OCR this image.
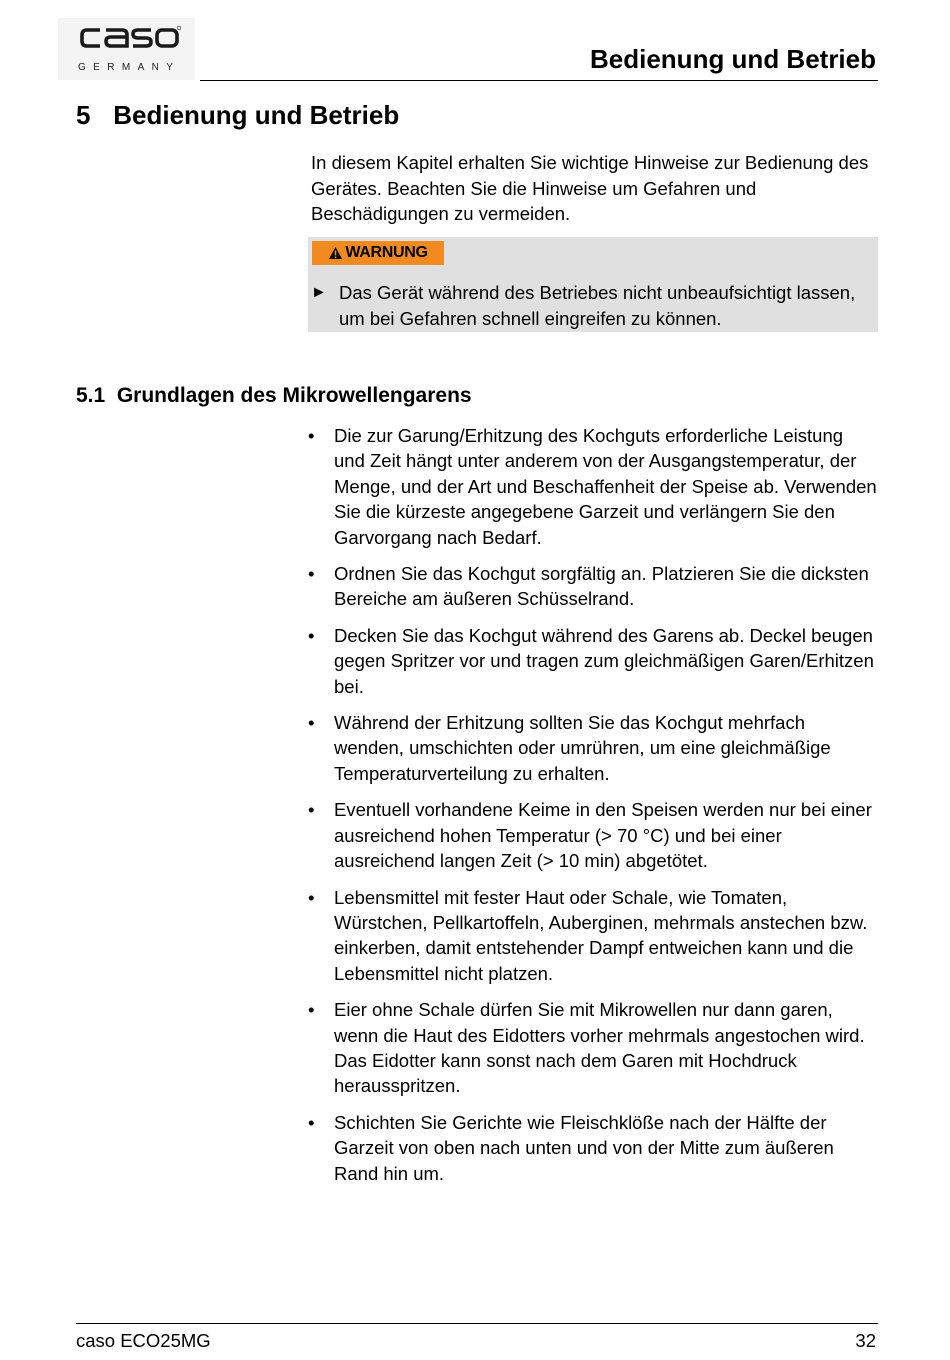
GERMANY	Bedienung und Betrieb
5 Bedienung und Betrieb
In diesem Kapitel erhalten Sie wichtige Hinweise zur Bedienung des Gerätes. Beachten Sie die Hinweise um Gefahren und Beschädigungen zu vermeiden.
WARNUNG
► Das Gerät während des Betriebes nicht unbeaufsichtigt lassen, um bei Gefahren schnell eingreifen zu können.
5.1 Grundlagen des Mikrowellengarens
• Die zur Garung/Erhitzung des Kochguts erforderliche Leistung und Zeit hängt unter anderem von der Ausgangstemperatur, der Menge, und der Art und Beschaffenheit der Speise ab. Verwenden Sie die kürzeste angegebene Garzeit und verlängern Sie den Garvorgang nach Bedarf.
• Ordnen Sie das Kochgut sorgfältig an. Platzieren Sie die dicksten Bereiche am äußeren Schüsselrand.
• Decken Sie das Kochgut während des Garens ab. Deckel beugen gegen Spritzer vor und tragen zum gleichmäßigen Garen/Erhitzen bei.
• Während der Erhitzung sollten Sie das Kochgut mehrfach wenden, umschichten oder umrühren, um eine gleichmäßige Temperaturverteilung zu erhalten.
• Eventuell vorhandene Keime in den Speisen werden nur bei einer ausreichend hohen Temperatur (> 70 °C) und bei einer ausreichend langen Zeit (> 10 min) abgetötet.
• Lebensmittel mit fester Haut oder Schale, wie Tomaten, Würstchen, Pellkartoffeln, Auberginen, mehrmals anstechen bzw. einkerben, damit entstehender Dampf entweichen kann und die Lebensmittel nicht platzen.
• Eier ohne Schale dürfen Sie mit Mikrowellen nur dann garen, wenn die Haut des Eidotters vorher mehrmals angestochen wird. Das Eidotter kann sonst nach dem Garen mit Hochdruck herausspritzen.
• Schichten Sie Gerichte wie Fleischklöße nach der Hälfte der Garzeit von oben nach unten und von der Mitte zum äußeren Rand hin um.
caso ECO25MG	32
